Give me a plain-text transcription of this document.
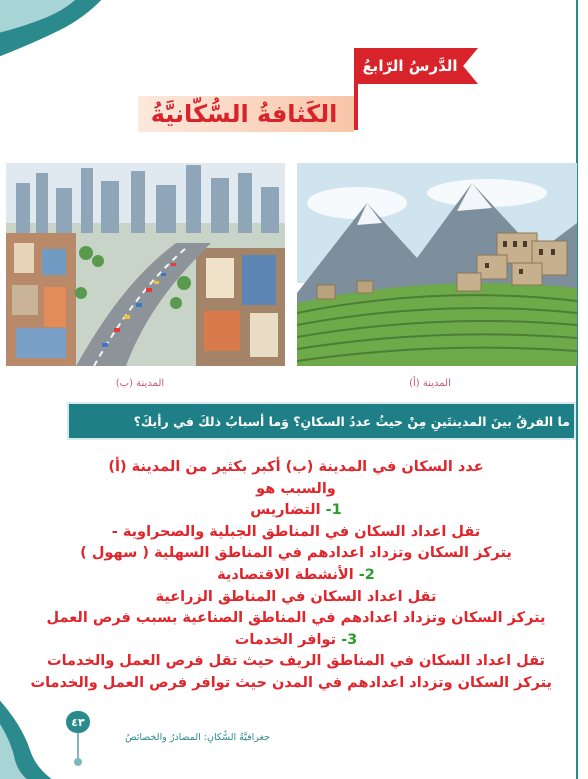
الدَّرسُ الرّابعُ
الكَثافةُ السُّكّانيَّةُ
المدينة (ب)	المدينة (أ)
ما الفرقُ بينَ المدينتَينِ مِنْ حيثُ عددُ السكانِ؟ وَما أسبابُ ذلكَ في رأيكَ؟
عدد السكان في المدينة (ب) أكبر بكثير من المدينة (أ)
والسبب هو
1- التضاريس
تقل اعداد السكان في المناطق الجبلية والصحراوية -
يتركز السكان وتزداد اعدادهم في المناطق السهلية ( سهول )
2- الأنشطة الاقتصادية
تقل اعداد السكان في المناطق الزراعية
يتركز السكان وتزداد اعدادهم في المناطق الصناعية بسبب فرص العمل
3- توافر الخدمات
تقل اعداد السكان في المناطق الريف حيث تقل فرص العمل والخدمات
يتركز السكان وتزداد اعدادهم في المدن حيث توافر فرص العمل والخدمات
٤٣
جغرافيَّةُ السُّكانِ: المصادرُ والخصائصُ
